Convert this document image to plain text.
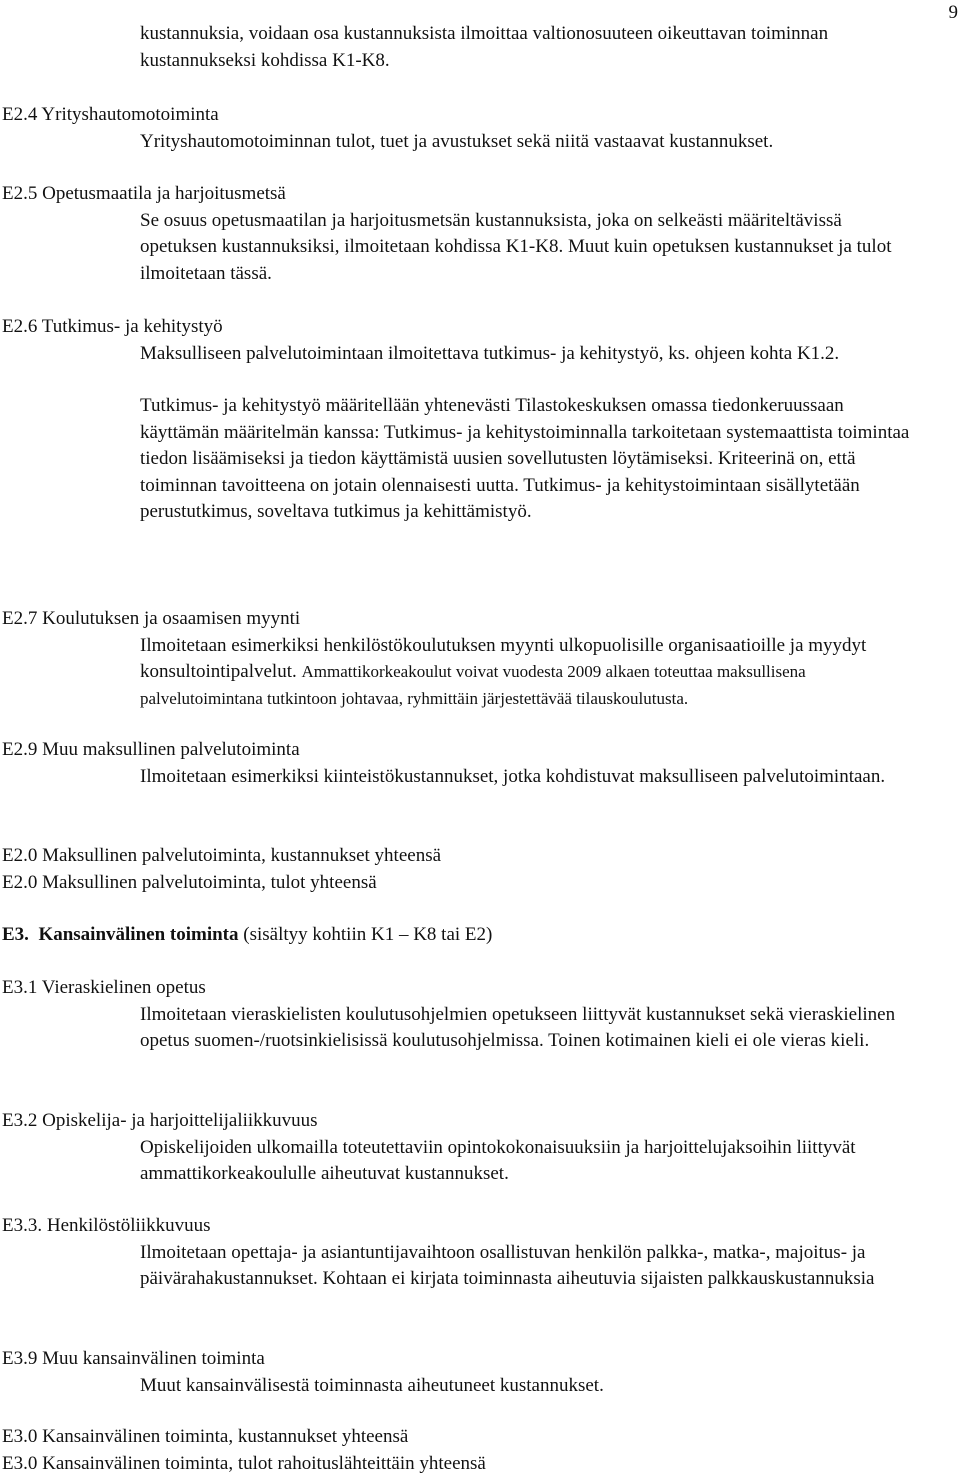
9

kustannuksia, voidaan osa kustannuksista ilmoittaa valtionosuuteen oikeuttavan toiminnan kustannukseksi kohdissa K1-K8.

E2.4 Yrityshautomotoiminta

Yrityshautomotoiminnan tulot, tuet ja avustukset sekä niitä vastaavat kustannukset.

E2.5 Opetusmaatila ja harjoitusmetsä

Se osuus opetusmaatilan ja harjoitusmetsän kustannuksista, joka on selkeästi määriteltävissä opetuksen kustannuksiksi, ilmoitetaan kohdissa K1-K8. Muut kuin opetuksen kustannukset ja tulot ilmoitetaan tässä.

E2.6 Tutkimus- ja kehitystyö

Maksulliseen palvelutoimintaan ilmoitettava tutkimus- ja kehitystyö, ks. ohjeen kohta K1.2.

Tutkimus- ja kehitystyö määritellään yhtenevästi Tilastokeskuksen omassa tiedonkeruussaan käyttämän määritelmän kanssa: Tutkimus- ja kehitystoiminnalla tarkoitetaan systemaattista toimintaa tiedon lisäämiseksi ja tiedon käyttämistä uusien sovellutusten löytämiseksi. Kriteerinä on, että toiminnan tavoitteena on jotain olennaisesti uutta. Tutkimus- ja kehitystoimintaan sisällytetään perustutkimus, soveltava tutkimus ja kehittämistyö.

E2.7 Koulutuksen ja osaamisen myynti

Ilmoitetaan esimerkiksi henkilöstökoulutuksen myynti ulkopuolisille organisaatioille ja myydyt konsultointipalvelut. Ammattikorkeakoulut voivat vuodesta 2009 alkaen toteuttaa maksullisena palvelutoimintana tutkintoon johtavaa, ryhmittäin järjestettävää tilauskoulutusta.

E2.9 Muu maksullinen palvelutoiminta

Ilmoitetaan esimerkiksi kiinteistökustannukset, jotka kohdistuvat maksulliseen palvelutoimintaan.

E2.0 Maksullinen palvelutoiminta, kustannukset yhteensä

E2.0 Maksullinen palvelutoiminta, tulot yhteensä

E3. Kansainvälinen toiminta (sisältyy kohtiin K1 – K8 tai E2)

E3.1 Vieraskielinen opetus

Ilmoitetaan vieraskielisten koulutusohjelmien opetukseen liittyvät kustannukset sekä vieraskielinen opetus suomen-/ruotsinkielisissä koulutusohjelmissa. Toinen kotimainen kieli ei ole vieras kieli.

E3.2 Opiskelija- ja harjoittelijaliikkuvuus

Opiskelijoiden ulkomailla toteutettaviin opintokokonaisuuksiin ja harjoittelujaksoihin liittyvät ammattikorkeakoululle aiheutuvat kustannukset.

E3.3. Henkilöstöliikkuvuus

Ilmoitetaan opettaja- ja asiantuntijavaihtoon osallistuvan henkilön palkka-, matka-, majoitus- ja päivärahakustannukset. Kohtaan ei kirjata toiminnasta aiheutuvia sijaisten palkkauskustannuksia

E3.9 Muu kansainvälinen toiminta

Muut kansainvälisestä toiminnasta aiheutuneet kustannukset.

E3.0 Kansainvälinen toiminta, kustannukset yhteensä

E3.0 Kansainvälinen toiminta, tulot rahoituslähteittäin yhteensä
